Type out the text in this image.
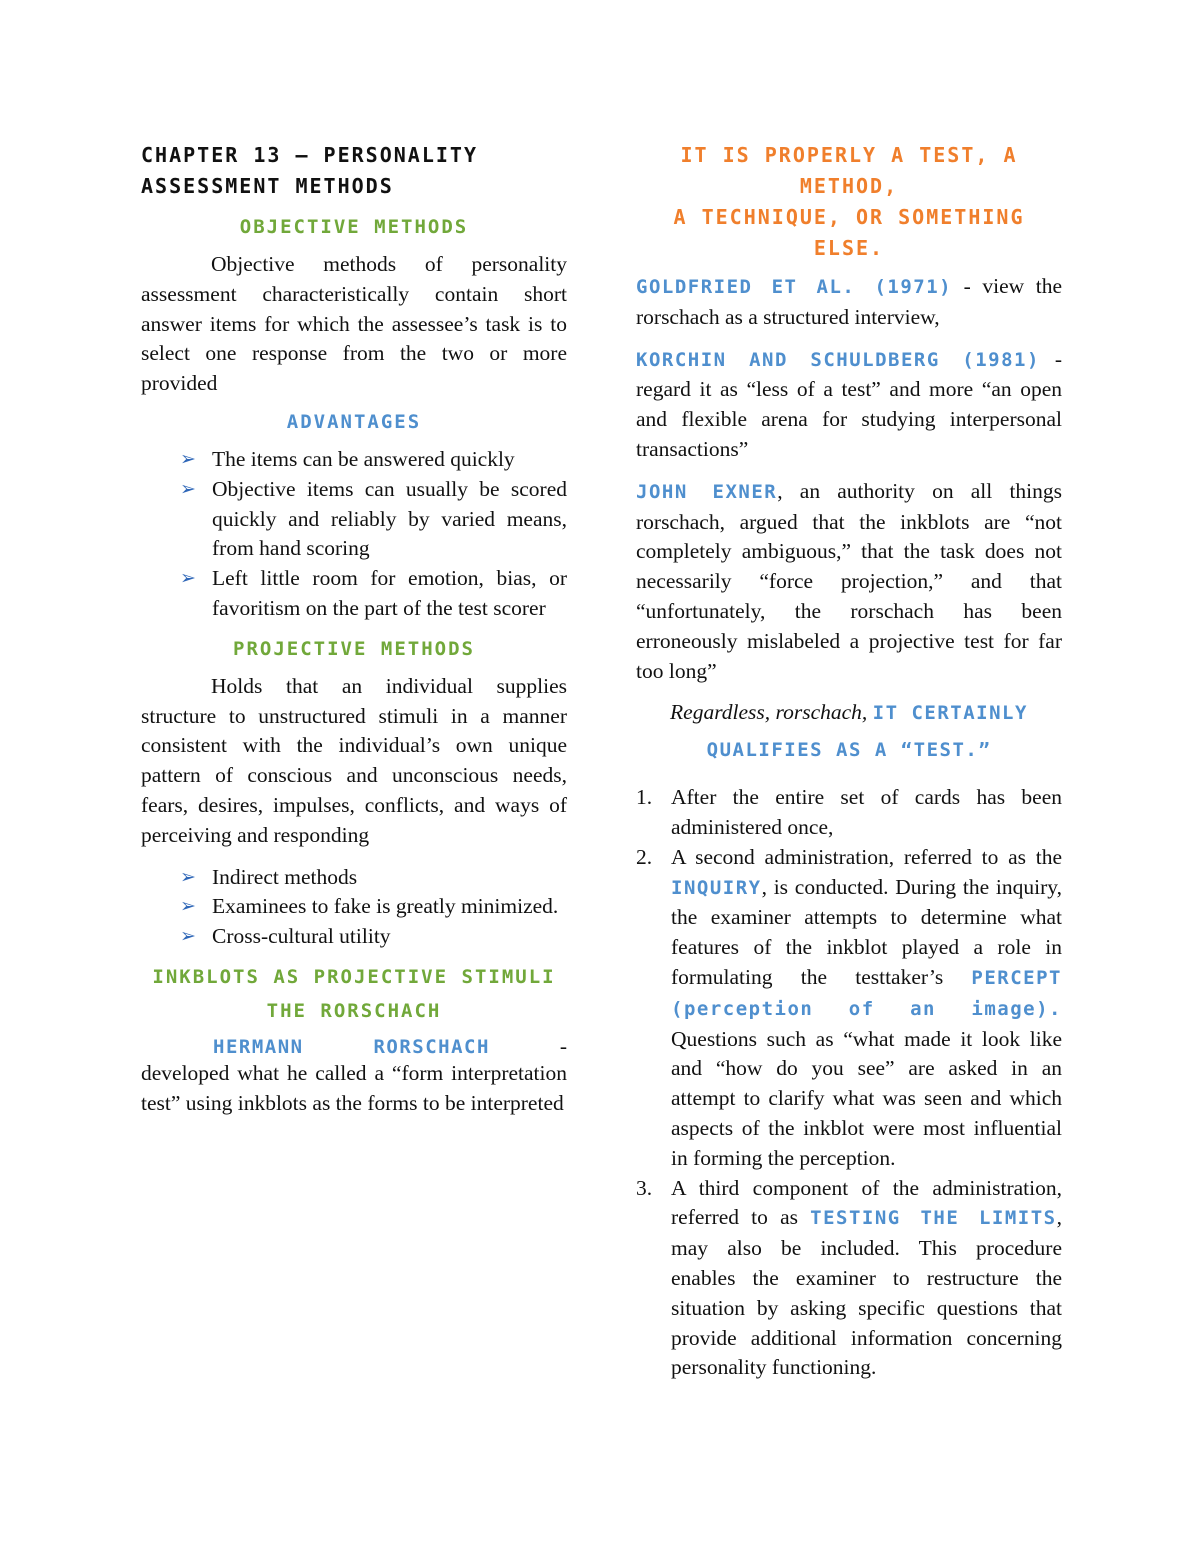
CHAPTER 13 – PERSONALITY
ASSESSMENT METHODS
OBJECTIVE METHODS

Objective methods of personality assessment characteristically contain short answer items for which the assessee’s task is to select one response from the two or more provided

ADVANTAGES
➢ The items can be answered quickly
➢ Objective items can usually be scored quickly and reliably by varied means, from hand scoring
➢ Left little room for emotion, bias, or favoritism on the part of the test scorer
PROJECTIVE METHODS

Holds that an individual supplies structure to unstructured stimuli in a manner consistent with the individual’s own unique pattern of conscious and unconscious needs, fears, desires, impulses, conflicts, and ways of perceiving and responding

➢ Indirect methods
➢ Examinees to fake is greatly minimized.
➢ Cross-cultural utility
INKBLOTS AS PROJECTIVE STIMULI
THE RORSCHACH
HERMANN	RORSCHACH	-

developed what he called a “form interpretation test” using inkblots as the forms to be interpreted

IT IS PROPERLY A TEST, A METHOD,
A TECHNIQUE, OR SOMETHING ELSE.

GOLDFRIED ET AL. (1971) - view the rorschach as a structured interview,

KORCHIN AND SCHULDBERG (1981) - regard it as “less of a test” and more “an open and flexible arena for studying interpersonal transactions”

JOHN EXNER, an authority on all things rorschach, argued that the inkblots are “not completely ambiguous,” that the task does not necessarily “force projection,” and that “unfortunately, the rorschach has been erroneously mislabeled a projective test for far too long”

Regardless, rorschach, IT CERTAINLY
QUALIFIES AS A “TEST.”
1. After the entire set of cards has been administered once,
2. A second administration, referred to as the INQUIRY, is conducted. During the inquiry, the examiner attempts to determine what features of the inkblot played a role in formulating the testtaker’s PERCEPT (perception of an image). Questions such as “what made it look like and “how do you see” are asked in an attempt to clarify what was seen and which aspects of the inkblot were most influential in forming the perception.
3. A third component of the administration, referred to as TESTING THE LIMITS, may also be included. This procedure enables the examiner to restructure the situation by asking specific questions that provide additional information concerning personality functioning.
